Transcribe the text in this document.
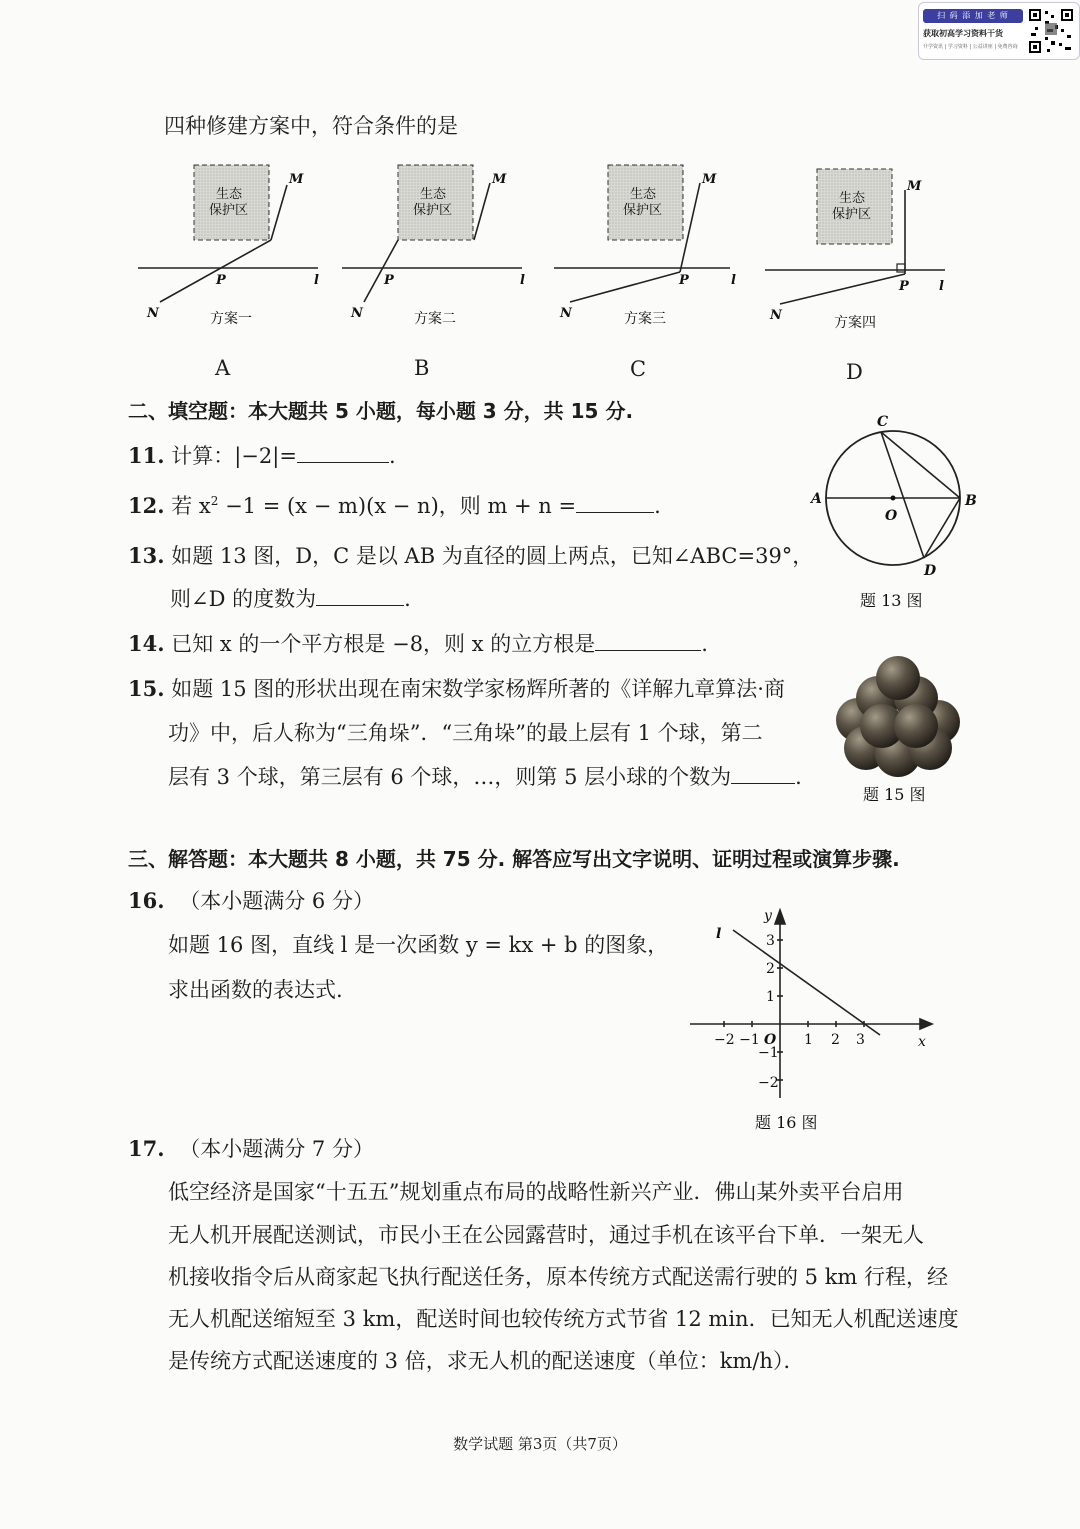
扫 码 添 加 老 师
获取初高学习资料干货
升学资讯 | 学习资料 | 公益讲座 | 免费咨询
四种修建方案中，符合条件的是
生态
保护区
M
N
P	l
方案一
生态
保护区
M
N
P	l
方案二
生态
保护区
M
N
P	l
方案三
生态
保护区
M
N
P l
方案四
A	B	C	D
二、填空题：本大题共 5 小题，每小题 3 分，共 15 分.
11. 计算：|−2|=	.
12. 若 $x^2 -1 = (x - m)(x - n)$，则 m + n =	.
13. 如题 13 图，D，C 是以 AB 为直径的圆上两点，已知∠ABC=39°，
则∠D 的度数为	.
C
A	B
O
D
题 13 图
14. 已知 x 的一个平方根是 −8，则 x 的立方根是	.
15. 如题 15 图的形状出现在南宋数学家杨辉所著的《详解九章算法·商
功》中，后人称为“三角垛”．“三角垛”的最上层有 1 个球，第二
层有 3 个球，第三层有 6 个球，…，则第 5 层小球的个数为	.
题 15 图
三、解答题：本大题共 8 小题，共 75 分. 解答应写出文字说明、证明过程或演算步骤.
16. （本小题满分 6 分）
如题 16 图，直线 l 是一次函数 y = kx + b 的图象，
求出函数的表达式.
y
x
l	3
2
1
−1
−2
−2 −1 O 1 2 3
题 16 图
17. （本小题满分 7 分）
低空经济是国家“十五五”规划重点布局的战略性新兴产业．佛山某外卖平台启用
无人机开展配送测试，市民小王在公园露营时，通过手机在该平台下单．一架无人
机接收指令后从商家起飞执行配送任务，原本传统方式配送需行驶的 5 km 行程，经
无人机配送缩短至 3 km，配送时间也较传统方式节省 12 min．已知无人机配送速度
是传统方式配送速度的 3 倍，求无人机的配送速度（单位：km/h）．
数学试题 第3页（共7页）
